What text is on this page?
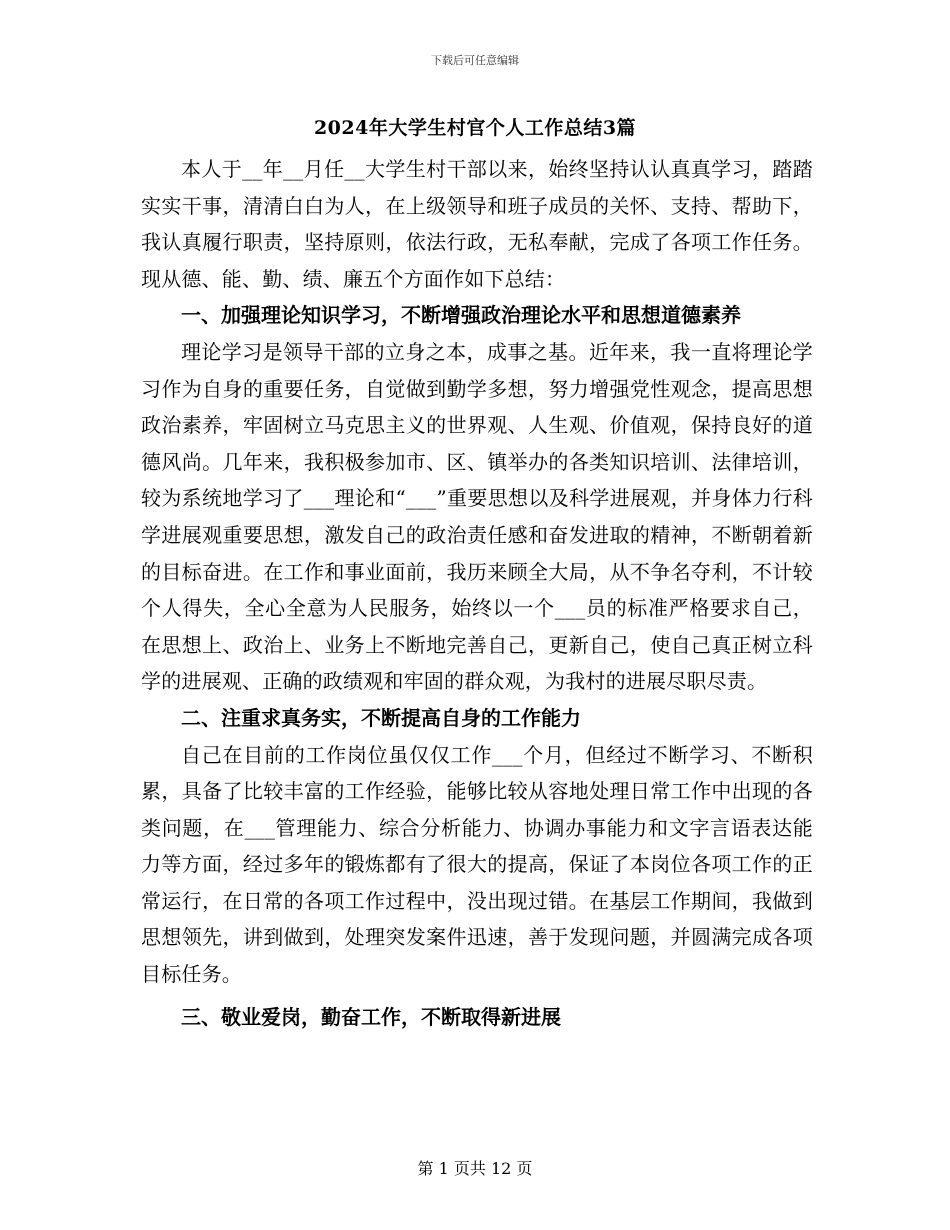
下载后可任意编辑
2024年大学生村官个人工作总结3篇

本人于__年__月任__大学生村干部以来，始终坚持认认真真学习，踏踏实实干事，清清白白为人，在上级领导和班子成员的关怀、支持、帮助下，我认真履行职责，坚持原则，依法行政，无私奉献，完成了各项工作任务。现从德、能、勤、绩、廉五个方面作如下总结：

一、加强理论知识学习，不断增强政治理论水平和思想道德素养

理论学习是领导干部的立身之本，成事之基。近年来，我一直将理论学习作为自身的重要任务，自觉做到勤学多想，努力增强党性观念，提高思想政治素养，牢固树立马克思主义的世界观、人生观、价值观，保持良好的道德风尚。几年来，我积极参加市、区、镇举办的各类知识培训、法律培训，较为系统地学习了___理论和“___”重要思想以及科学进展观，并身体力行科学进展观重要思想，激发自己的政治责任感和奋发进取的精神，不断朝着新的目标奋进。在工作和事业面前，我历来顾全大局，从不争名夺利，不计较个人得失，全心全意为人民服务，始终以一个___员的标准严格要求自己，在思想上、政治上、业务上不断地完善自己，更新自己，使自己真正树立科学的进展观、正确的政绩观和牢固的群众观，为我村的进展尽职尽责。

二、注重求真务实，不断提高自身的工作能力

自己在目前的工作岗位虽仅仅工作___个月，但经过不断学习、不断积累，具备了比较丰富的工作经验，能够比较从容地处理日常工作中出现的各类问题，在___管理能力、综合分析能力、协调办事能力和文字言语表达能力等方面，经过多年的锻炼都有了很大的提高，保证了本岗位各项工作的正常运行，在日常的各项工作过程中，没出现过错。在基层工作期间，我做到思想领先，讲到做到，处理突发案件迅速，善于发现问题，并圆满完成各项目标任务。

三、敬业爱岗，勤奋工作，不断取得新进展

第 1 页共 12 页
